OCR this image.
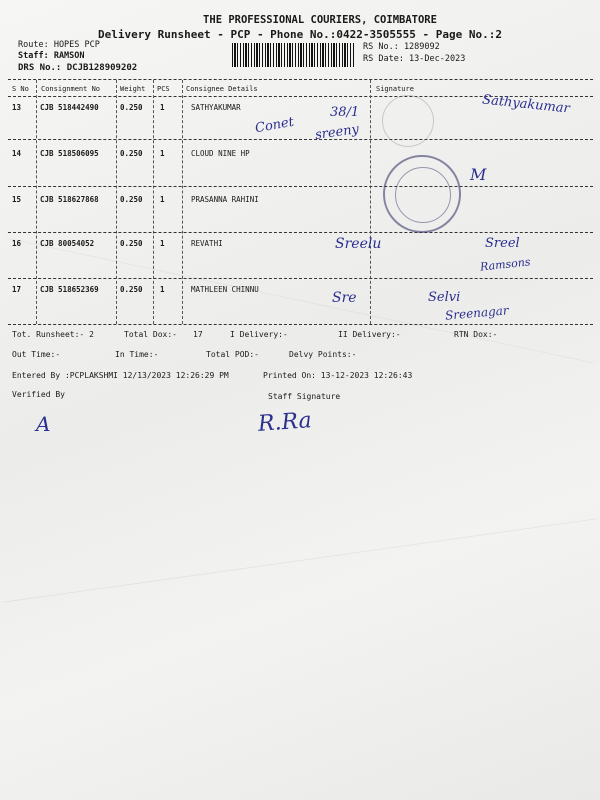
THE PROFESSIONAL COURIERS, COIMBATORE
Delivery Runsheet - PCP - Phone No.:0422-3505555 - Page No.:2
Route: HOPES PCP
Staff: RAMSON
DRS No.: DCJB128909202
RS No.: 1289092
RS Date: 13-Dec-2023
S No Consignment No	Weight PCS Consignee Details	Signature
13	CJB 518442490	0.250 1	SATHYAKUMAR
14	CJB 518506095	0.250 1	CLOUD NINE HP
15	CJB 518627868	0.250 1	PRASANNA RAHINI
16	CJB 80054052	0.250 1	REVATHI
17	CJB 518652369	0.250 1	MATHLEEN CHINNU
Sathyakumar
Conet
38/1
sreeny
M
Sreelu	Sreel
Ramsons
Sre	Selvi
Sreenagar
Tot. Runsheet:- 2	Total Dox:- 17	I Delivery:-	II Delivery:-	RTN Dox:-
Out Time:-	In Time:-	Total POD:-	Delvy Points:-
Entered By :PCPLAKSHMI 12/13/2023 12:26:29 PM	Printed On: 13-12-2023 12:26:43
Verified By	Staff Signature
A	R.Ra
